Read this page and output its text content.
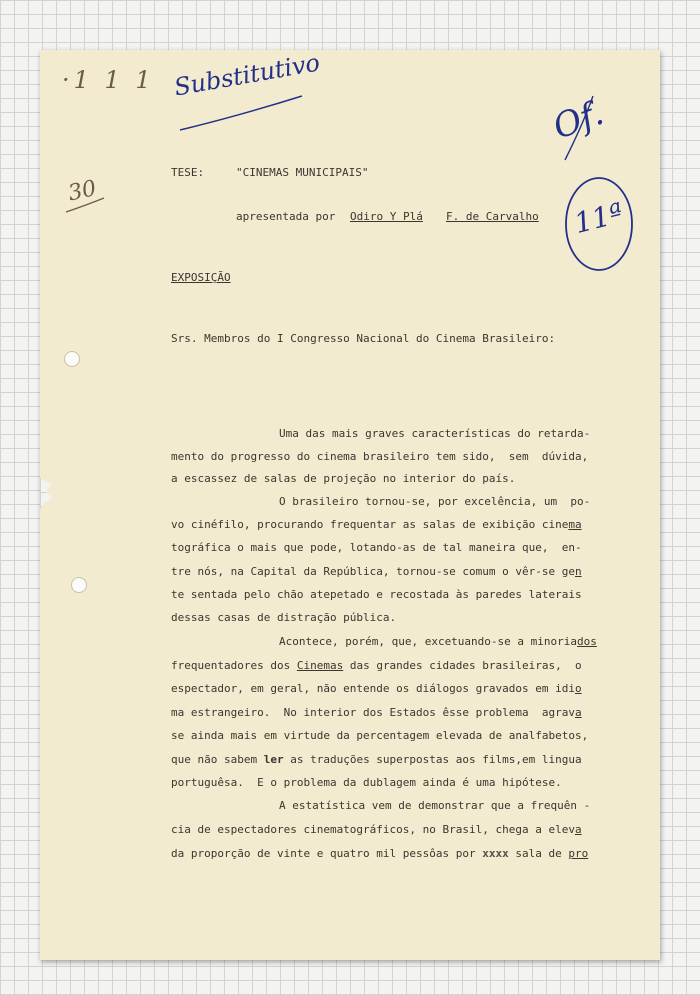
·1 1 1 Substitutivo
30
Of.
11ª

TESE:	"CINEMAS MUNICIPAIS"

apresentada por Odiro Y Plá F. de Carvalho

EXPOSIÇÃO

Srs. Membros do I Congresso Nacional do Cinema Brasileiro:

Uma das mais graves características do retarda-

mento do progresso do cinema brasileiro tem sido,  sem  dúvida,

a escassez de salas de projeção no interior do país.

O brasileiro tornou-se, por excelência, um  po-

vo cinéfilo, procurando frequentar as salas de exibição cinema

tográfica o mais que pode, lotando-as de tal maneira que,  en-

tre nós, na Capital da República, tornou-se comum o vêr-se gen

te sentada pelo chão atepetado e recostada às paredes laterais

dessas casas de distração pública.

Acontece, porém, que, excetuando-se a minoriados

frequentadores dos Cinemas das grandes cidades brasileiras,  o

espectador, em geral, não entende os diálogos gravados em idio

ma estrangeiro.  No interior dos Estados êsse problema  agrava

se ainda mais em virtude da percentagem elevada de analfabetos,

que não sabem ler as traduções superpostas aos films,em lingua

portuguêsa.  E o problema da dublagem ainda é uma hipótese.

A estatística vem de demonstrar que a frequên -

cia de espectadores cinematográficos, no Brasil, chega a eleva

da proporção de vinte e quatro mil pessôas por xxxx sala de pro
